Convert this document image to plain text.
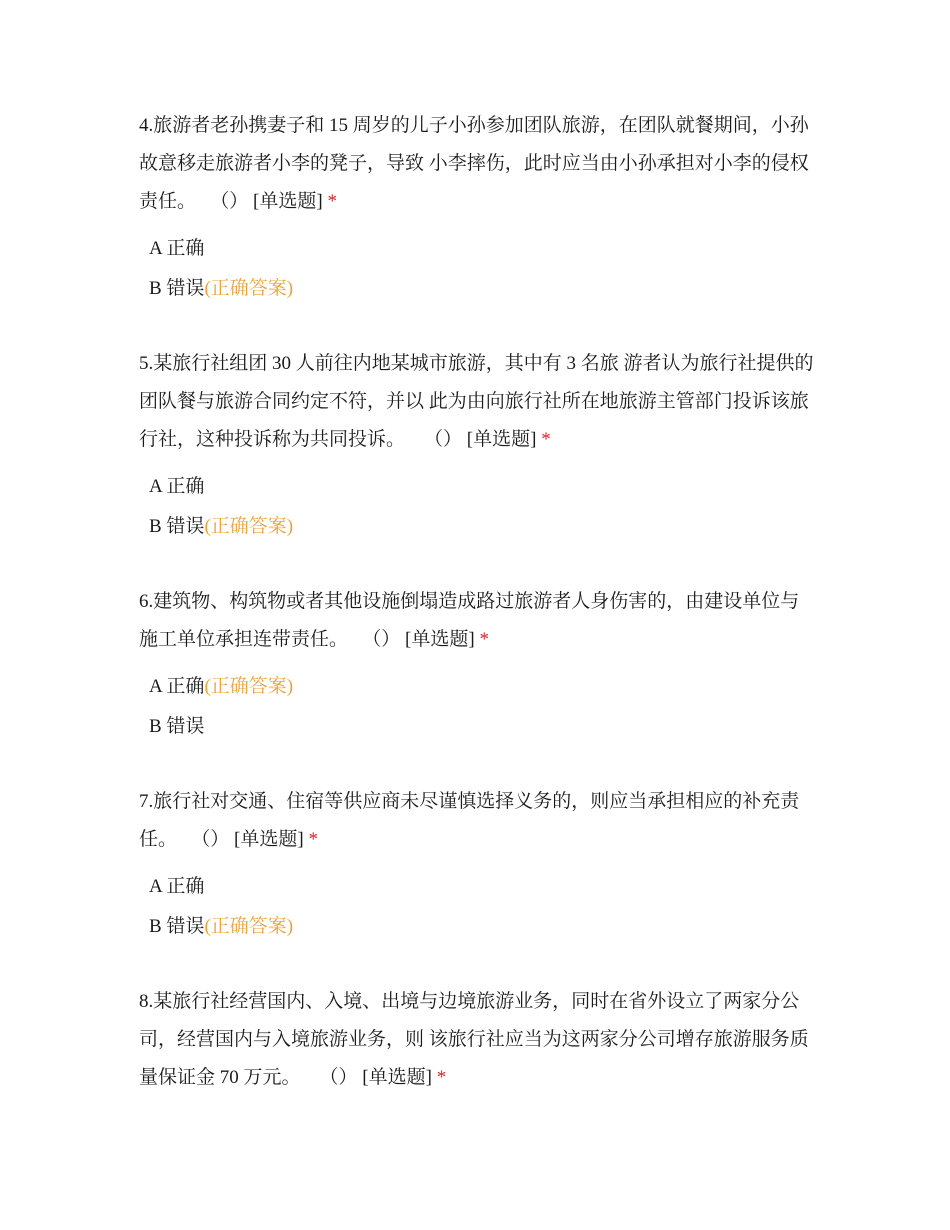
4.旅游者老孙携妻子和 15 周岁的儿子小孙参加团队旅游，在团队就餐期间，小孙故意移走旅游者小李的凳子，导致 小李摔伤，此时应当由小孙承担对小李的侵权责任。 （） [单选题] *

A 正确
B 错误(正确答案)

5.某旅行社组团 30 人前往内地某城市旅游，其中有 3 名旅 游者认为旅行社提供的团队餐与旅游合同约定不符，并以 此为由向旅行社所在地旅游主管部门投诉该旅行社，这种投诉称为共同投诉。 （） [单选题] *

A 正确
B 错误(正确答案)

6.建筑物、构筑物或者其他设施倒塌造成路过旅游者人身伤害的，由建设单位与施工单位承担连带责任。 （） [单选题] *

A 正确(正确答案)
B 错误

7.旅行社对交通、住宿等供应商未尽谨慎选择义务的，则应当承担相应的补充责任。 （） [单选题] *

A 正确
B 错误(正确答案)

8.某旅行社经营国内、入境、出境与边境旅游业务，同时在省外设立了两家分公司，经营国内与入境旅游业务，则 该旅行社应当为这两家分公司增存旅游服务质量保证金 70 万元。 （） [单选题] *
